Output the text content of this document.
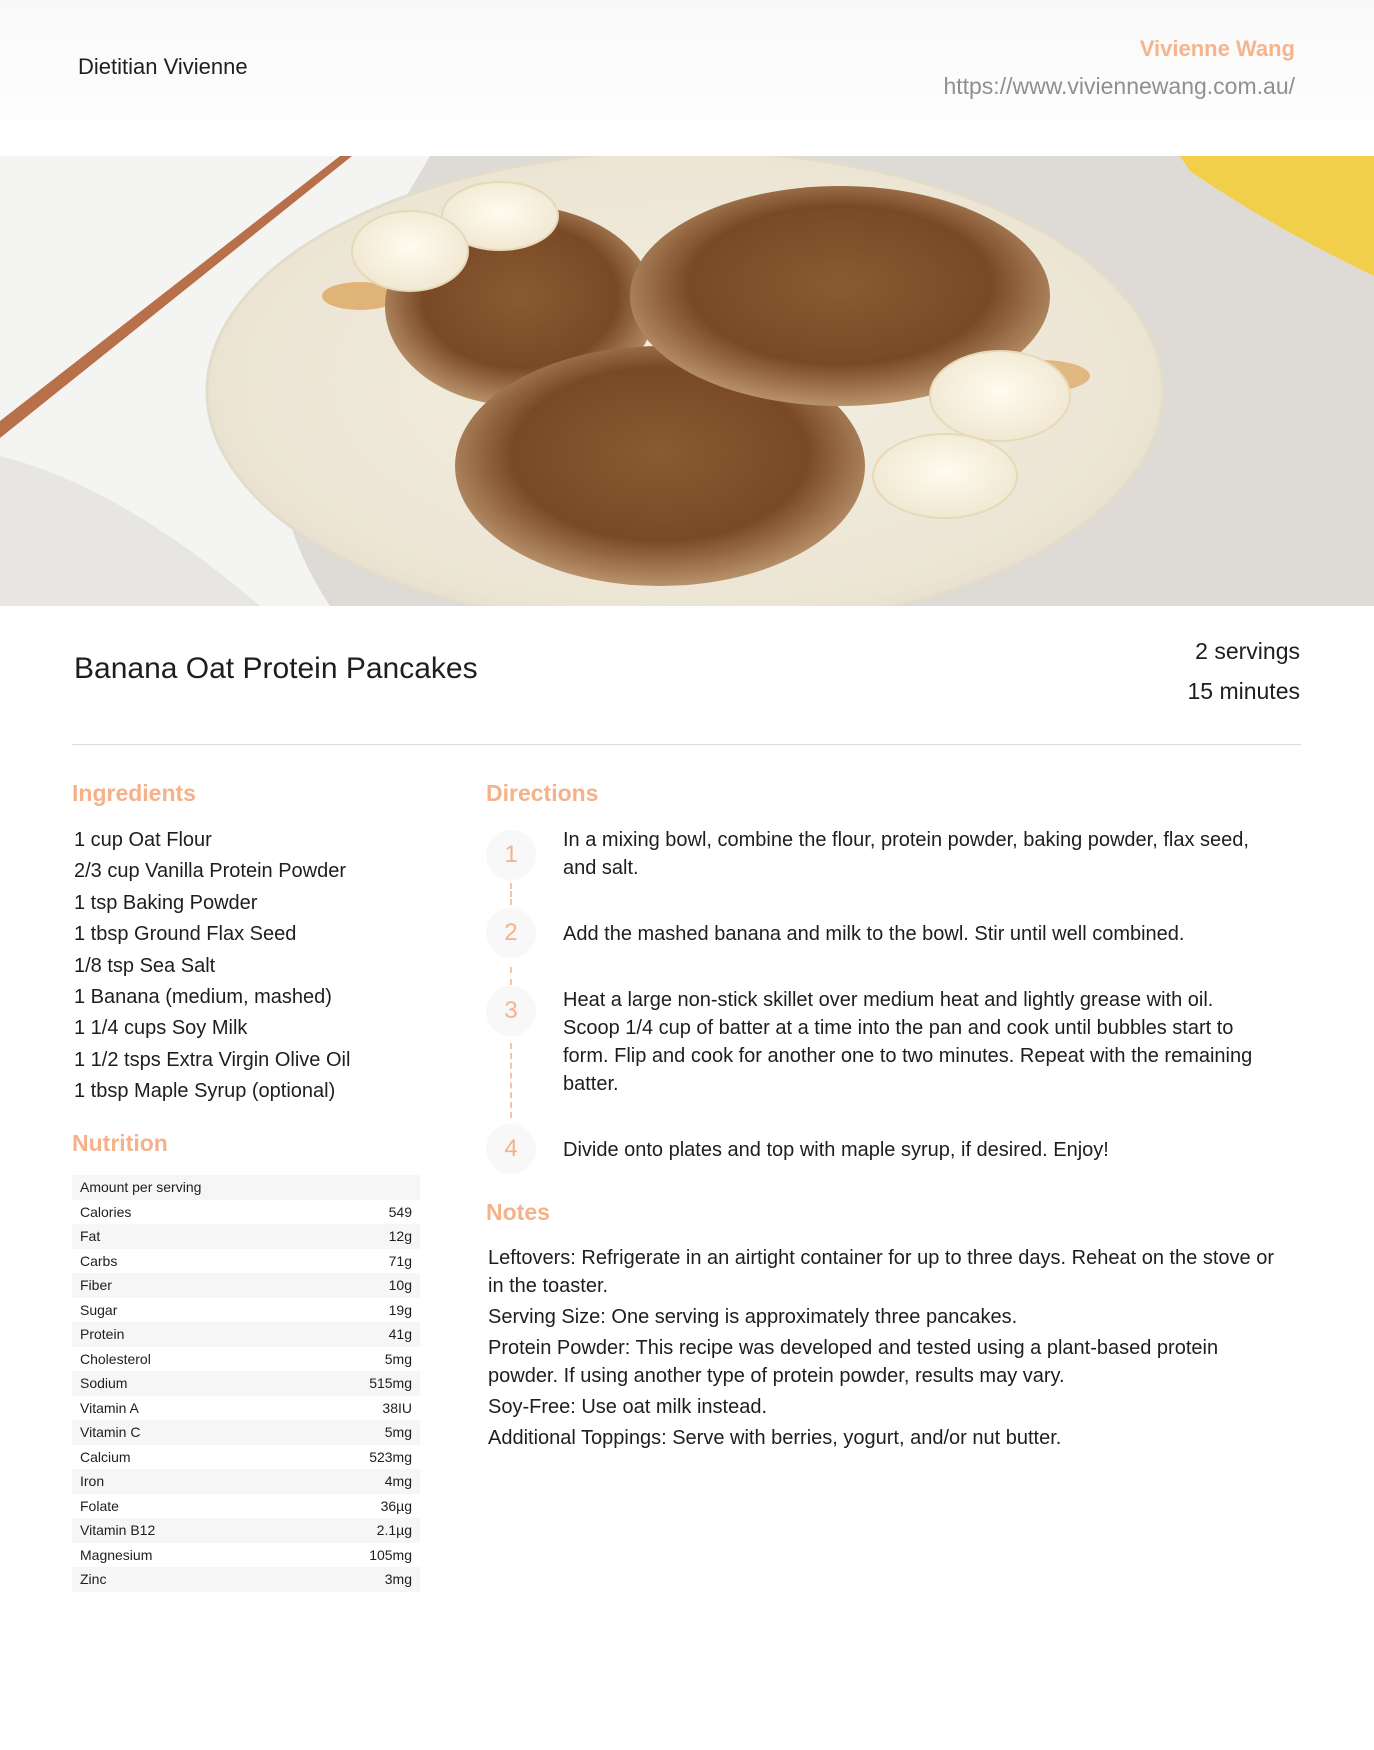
Dietitian Vivienne
Vivienne Wang
https://www.viviennewang.com.au/
Banana Oat Protein Pancakes
2 servings
15 minutes
Ingredients
1 cup Oat Flour
2/3 cup Vanilla Protein Powder
1 tsp Baking Powder
1 tbsp Ground Flax Seed
1/8 tsp Sea Salt
1 Banana (medium, mashed)
1 1/4 cups Soy Milk
1 1/2 tsps Extra Virgin Olive Oil
1 tbsp Maple Syrup (optional)
Nutrition
Amount per serving	
Calories	549
Fat	12g
Carbs	71g
Fiber	10g
Sugar	19g
Protein	41g
Cholesterol	5mg
Sodium	515mg
Vitamin A	38IU
Vitamin C	5mg
Calcium	523mg
Iron	4mg
Folate	36µg
Vitamin B12	2.1µg
Magnesium	105mg
Zinc	3mg
Directions
1
In a mixing bowl, combine the flour, protein powder, baking powder, flax seed, and salt.
2	Add the mashed banana and milk to the bowl. Stir until well combined.
3	Heat a large non-stick skillet over medium heat and lightly grease with oil. Scoop 1/4 cup of batter at a time into the pan and cook until bubbles start to form. Flip and cook for another one to two minutes. Repeat with the remaining batter.
4	Divide onto plates and top with maple syrup, if desired. Enjoy!
Notes
Leftovers: Refrigerate in an airtight container for up to three days. Reheat on the stove or in the toaster.
Serving Size: One serving is approximately three pancakes.
Protein Powder: This recipe was developed and tested using a plant-based protein powder. If using another type of protein powder, results may vary.
Soy-Free: Use oat milk instead.
Additional Toppings: Serve with berries, yogurt, and/or nut butter.
